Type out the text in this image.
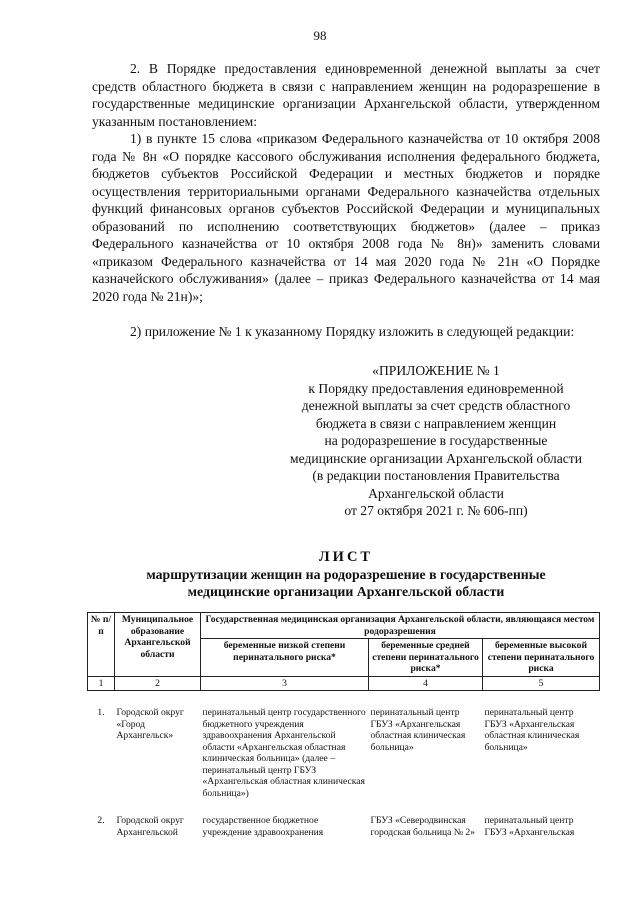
98

2. В Порядке предоставления единовременной денежной выплаты за счет средств областного бюджета в связи с направлением женщин на родоразрешение в государственные медицинские организации Архангельской области, утвержденном указанным постановлением:

1) в пункте 15 слова «приказом Федерального казначейства от 10 октября 2008 года № 8н «О порядке кассового обслуживания исполнения федерального бюджета, бюджетов субъектов Российской Федерации и местных бюджетов и порядке осуществления территориальными органами Федерального казначейства отдельных функций финансовых органов субъектов Российской Федерации и муниципальных образований по исполнению соответствующих бюджетов» (далее – приказ Федерального казначейства от 10 октября 2008 года № 8н)» заменить словами «приказом Федерального казначейства от 14 мая 2020 года № 21н «О Порядке казначейского обслуживания» (далее – приказ Федерального казначейства от 14 мая 2020 года № 21н)»;

2) приложение № 1 к указанному Порядку изложить в следующей редакции:

«ПРИЛОЖЕНИЕ № 1
к Порядку предоставления единовременной
денежной выплаты за счет средств областного
бюджета в связи с направлением женщин
на родоразрешение в государственные
медицинские организации Архангельской области
(в редакции постановления Правительства
Архангельской области
от 27 октября 2021 г. № 606-пп)
ЛИСТ
маршрутизации женщин на родоразрешение в государственные
медицинские организации Архангельской области
№ п/п	Муниципальное образование Архангельской области	Государственная медицинская организация Архангельской области, являющаяся местом родоразрешения		
		беременные низкой степени перинатального риска*	беременные средней степени перинатального риска*	беременные высокой степени перинатального риска
1	2	3	4	5

1.	Городской округ «Город Архангельск»	перинатальный центр государственного бюджетного учреждения здравоохранения Архангельской области «Архангельская областная клиническая больница» (далее – перинатальный центр ГБУЗ «Архангельская областная клиническая больница»)	перинатальный центр ГБУЗ «Архангельская областная клиническая больница»	перинатальный центр ГБУЗ «Архангельская областная клиническая больница»

2.	Городской округ Архангельской	государственное бюджетное учреждение здравоохранения	ГБУЗ «Северодвинская городская больница № 2»	перинатальный центр ГБУЗ «Архангельская
